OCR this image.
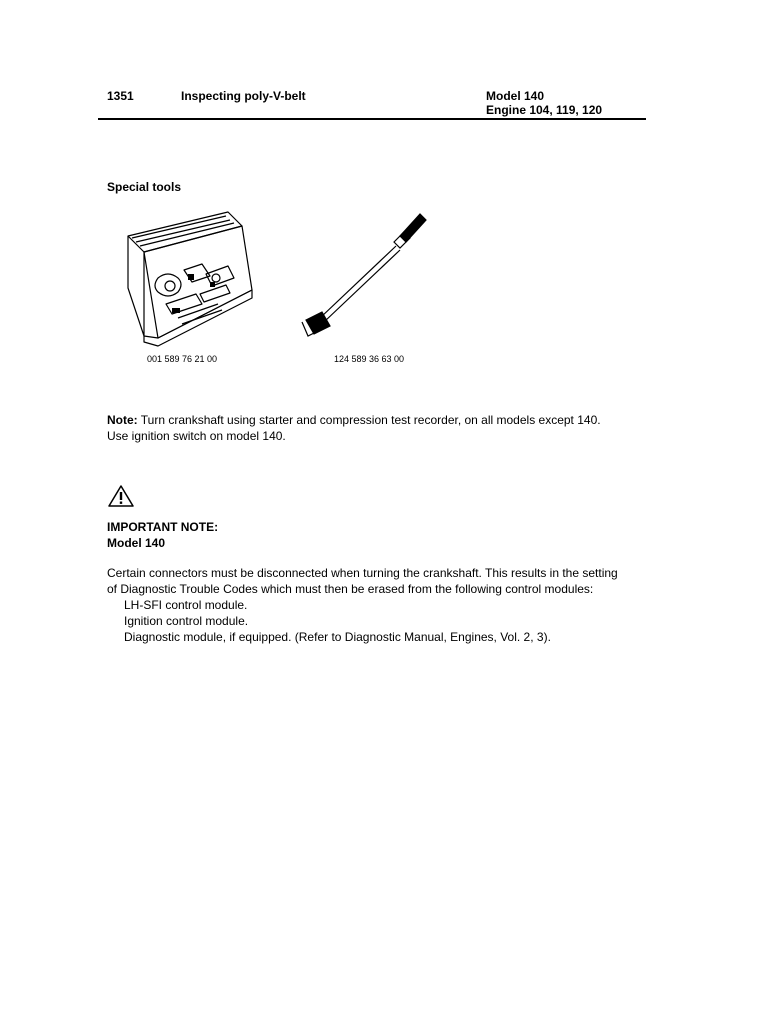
1351	Inspecting poly-V-belt	Model 140
Engine 104, 119, 120
Special tools
001 589 76 21 00	124 589 36 63 00
Note: Turn crankshaft using starter and compression test recorder, on all models except 140.
Use ignition switch on model 140.
IMPORTANT NOTE:
Model 140
Certain connectors must be disconnected when turning the crankshaft. This results in the setting
of Diagnostic Trouble Codes which must then be erased from the following control modules:
LH-SFI control module.
Ignition control module.
Diagnostic module, if equipped. (Refer to Diagnostic Manual, Engines, Vol. 2, 3).
